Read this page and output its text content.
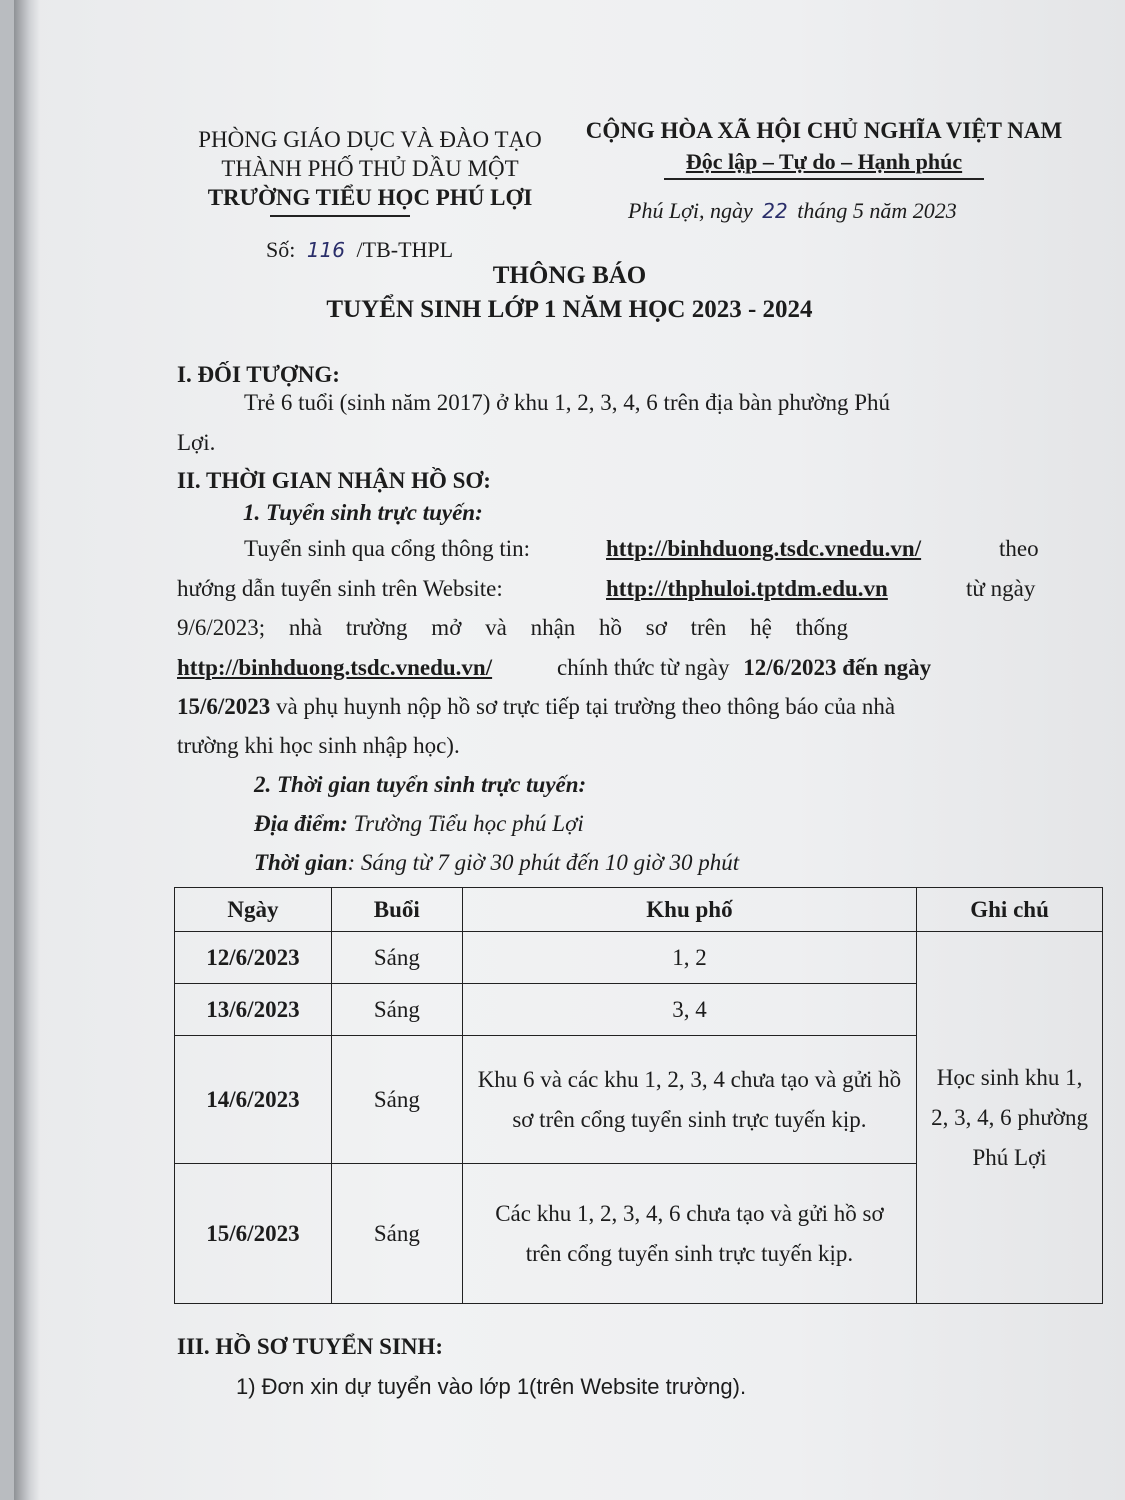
PHÒNG GIÁO DỤC VÀ ĐÀO TẠO
THÀNH PHỐ THỦ DẦU MỘT
TRƯỜNG TIỂU HỌC PHÚ LỢI
Số: 116 /TB-THPL
CỘNG HÒA XÃ HỘI CHỦ NGHĨA VIỆT NAM
Độc lập – Tự do – Hạnh phúc
Phú Lợi, ngày 22 tháng 5 năm 2023
THÔNG BÁO
TUYỂN SINH LỚP 1 NĂM HỌC 2023 - 2024
I. ĐỐI TƯỢNG:
Trẻ 6 tuổi (sinh năm 2017) ở khu 1, 2, 3, 4, 6 trên địa bàn phường Phú
Lợi.
II. THỜI GIAN NHẬN HỒ SƠ:
1. Tuyển sinh trực tuyến:
Tuyển sinh qua cổng thông tin:	http://binhduong.tsdc.vnedu.vn/	theo
hướng dẫn tuyển sinh trên Website:	http://thphuloi.tptdm.edu.vn	từ ngày
9/6/2023; nhà trường mở và nhận hồ sơ trên hệ thống
http://binhduong.tsdc.vnedu.vn/	chính thức từ ngày 12/6/2023 đến ngày
15/6/2023 và phụ huynh nộp hồ sơ trực tiếp tại trường theo thông báo của nhà
trường khi học sinh nhập học).
2. Thời gian tuyển sinh trực tuyến:
Địa điểm: Trường Tiểu học phú Lợi
Thời gian: Sáng từ 7 giờ 30 phút đến 10 giờ 30 phút
Ngày	Buổi	Khu phố	Ghi chú
12/6/2023	Sáng	1, 2	Học sinh khu 1, 2, 3, 4, 6 phường Phú Lợi
13/6/2023	Sáng	3, 4	
14/6/2023	Sáng	Khu 6 và các khu 1, 2, 3, 4 chưa tạo và gửi hồ sơ trên cổng tuyển sinh trực tuyến kịp.	
15/6/2023	Sáng	Các khu 1, 2, 3, 4, 6 chưa tạo và gửi hồ sơ trên cổng tuyển sinh trực tuyến kịp.	
III. HỒ SƠ TUYỂN SINH:
1) Đơn xin dự tuyển vào lớp 1(trên Website trường).
